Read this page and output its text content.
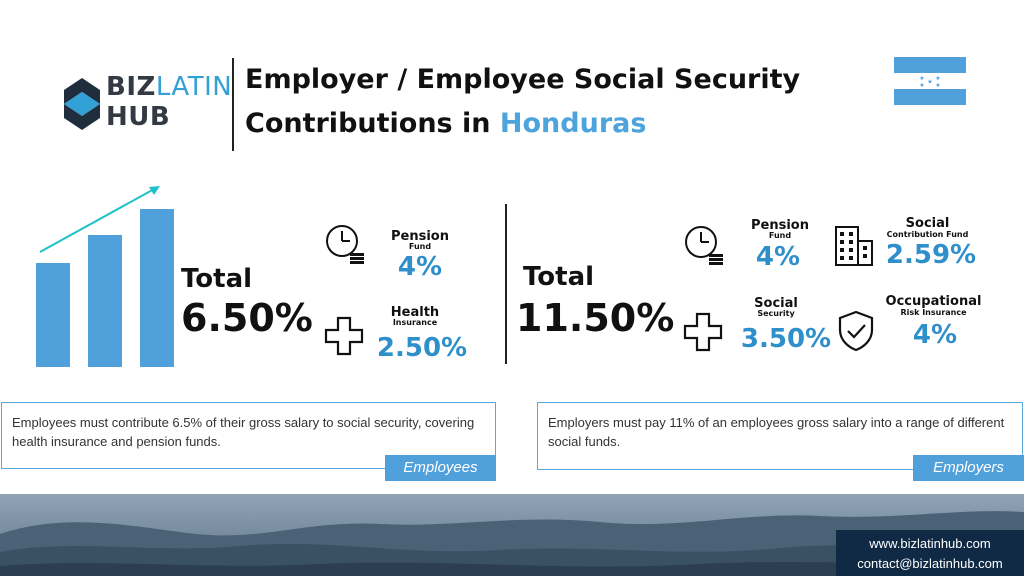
BIZLATIN
HUB
Employer / Employee Social Security
Contributions in Honduras
★ ★
★
★ ★
Total
6.50%
Pension
Fund
4%
Health
Insurance
2.50%
Total
11.50%
Pension
Fund
4%
Social
Contribution Fund
2.59%
Social
Security
3.50%
Occupational
Risk Insurance
4%
Employees must contribute 6.5% of their gross salary to social security, covering health insurance and pension funds.
Employees
Employers must pay 11% of an employees gross salary into a range of different social funds.
Employers
www.bizlatinhub.com
contact@bizlatinhub.com
